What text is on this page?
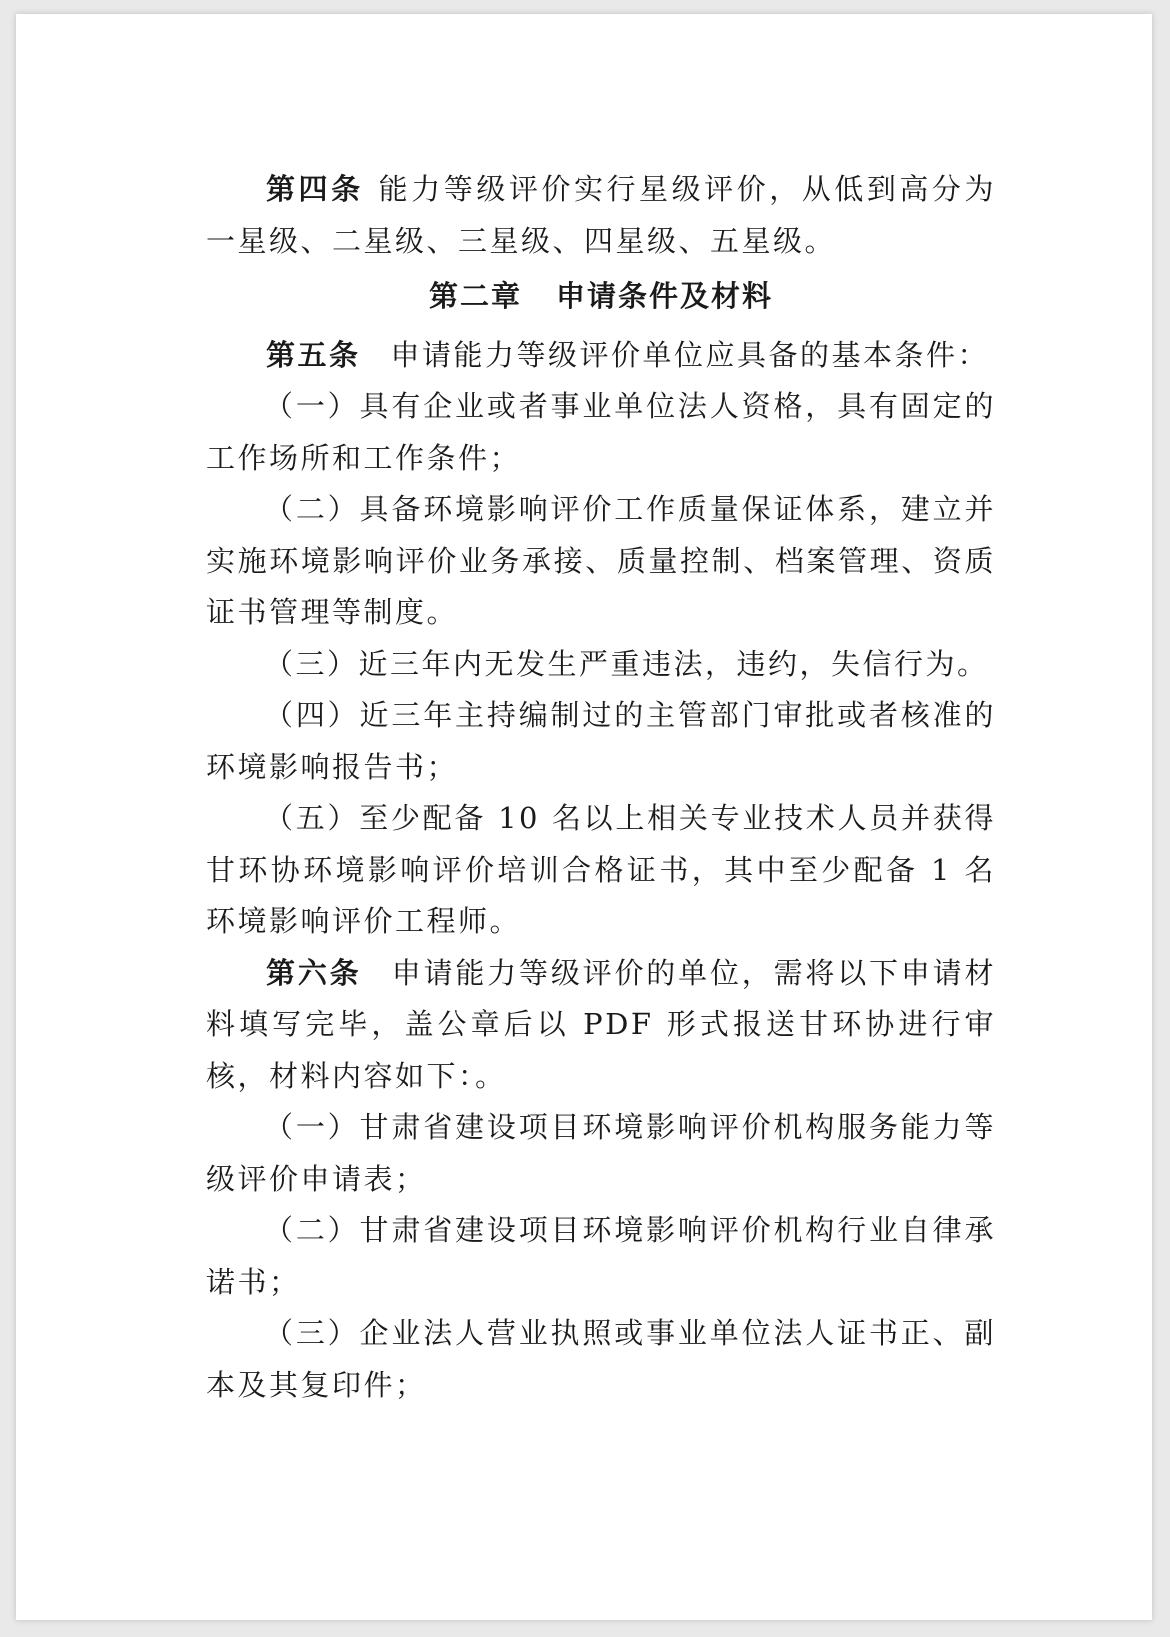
第四条 能力等级评价实行星级评价，从低到高分为一星级、二星级、三星级、四星级、五星级。

第二章 申请条件及材料

第五条 申请能力等级评价单位应具备的基本条件：

（一）具有企业或者事业单位法人资格，具有固定的工作场所和工作条件；

（二）具备环境影响评价工作质量保证体系，建立并实施环境影响评价业务承接、质量控制、档案管理、资质证书管理等制度。

（三）近三年内无发生严重违法，违约，失信行为。

（四）近三年主持编制过的主管部门审批或者核准的环境影响报告书；

（五）至少配备 10 名以上相关专业技术人员并获得甘环协环境影响评价培训合格证书，其中至少配备 1 名环境影响评价工程师。

第六条 申请能力等级评价的单位，需将以下申请材料填写完毕，盖公章后以 PDF 形式报送甘环协进行审核，材料内容如下：。

（一）甘肃省建设项目环境影响评价机构服务能力等级评价申请表；

（二）甘肃省建设项目环境影响评价机构行业自律承诺书；

（三）企业法人营业执照或事业单位法人证书正、副本及其复印件；
